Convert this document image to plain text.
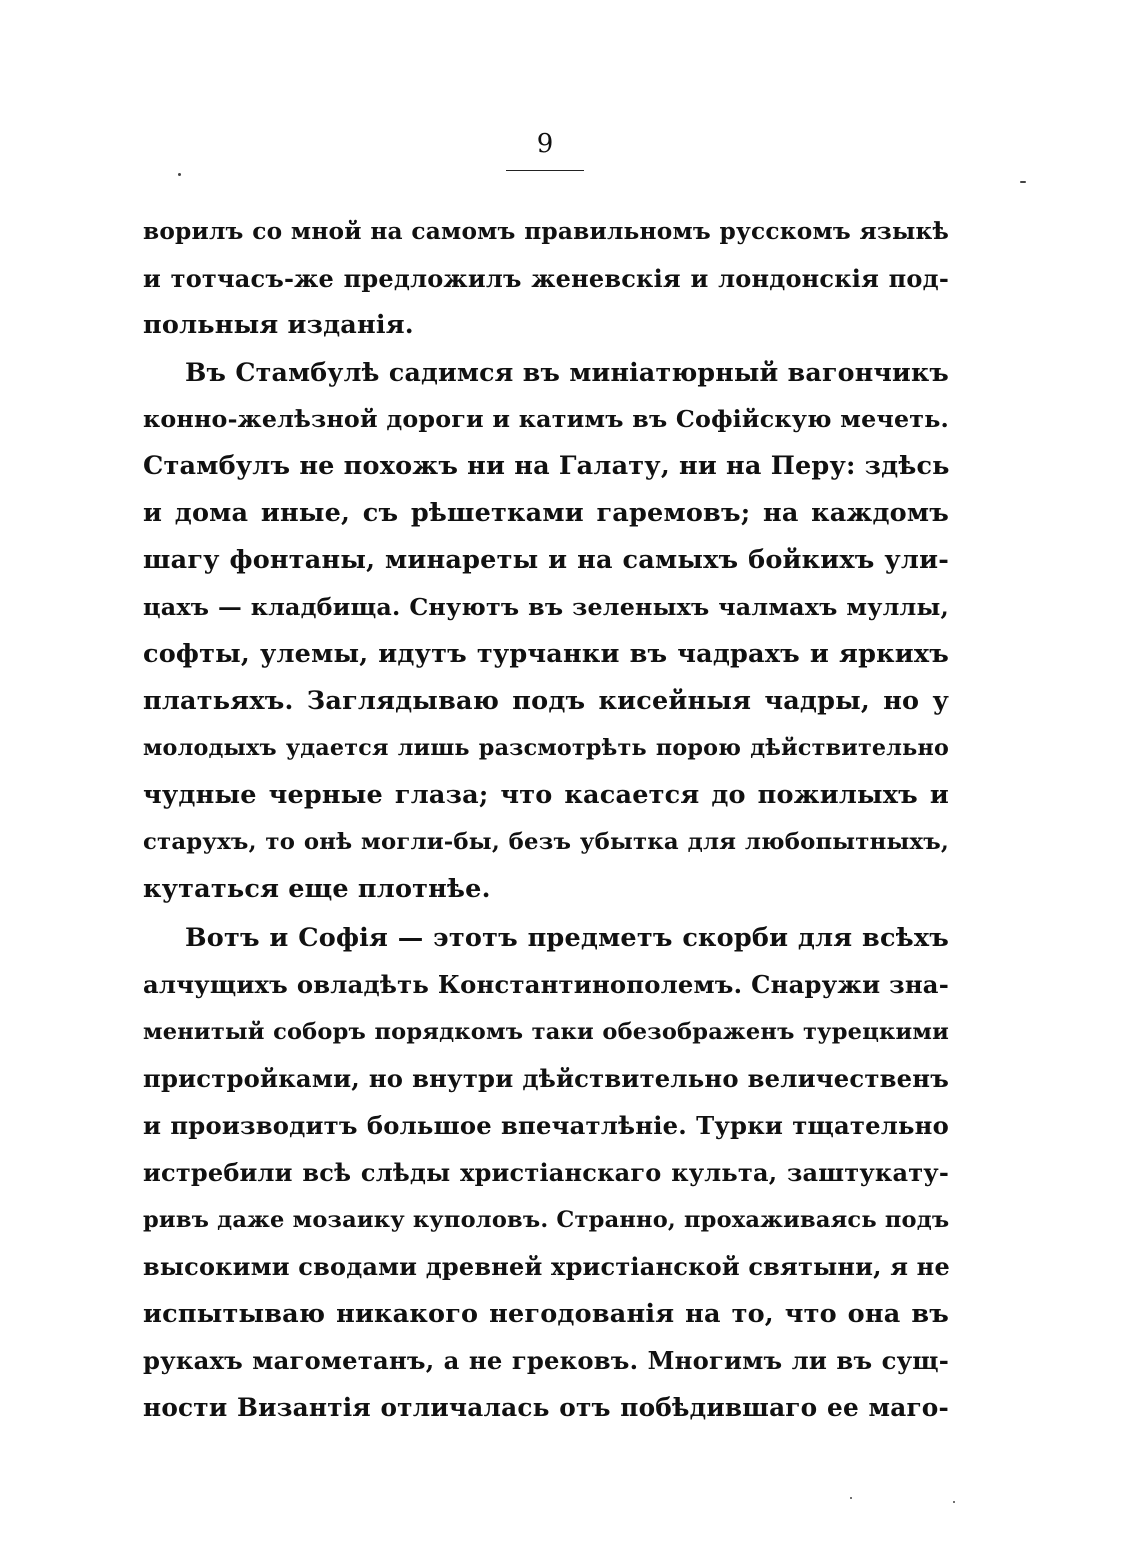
9
ворилъ со мной на самомъ правильномъ русскомъ языкѣ
и тотчасъ-же предложилъ женевскія и лондонскія под-
польныя изданія.
Въ Стамбулѣ садимся въ миніатюрный вагончикъ
конно-желѣзной дороги и катимъ въ Софійскую мечеть.
Стамбулъ не похожъ ни на Галату, ни на Перу: здѣсь
и дома иные, съ рѣшетками гаремовъ; на каждомъ
шагу фонтаны, минареты и на самыхъ бойкихъ ули-
цахъ — кладбища. Снуютъ въ зеленыхъ чалмахъ муллы,
софты, улемы, идутъ турчанки въ чадрахъ и яркихъ
платьяхъ. Заглядываю подъ кисейныя чадры, но у
молодыхъ удается лишь разсмотрѣть порою дѣйствительно
чудные черные глаза; что касается до пожилыхъ и
старухъ, то онѣ могли-бы, безъ убытка для любопытныхъ,
кутаться еще плотнѣе.
Вотъ и Софія — этотъ предметъ скорби для всѣхъ
алчущихъ овладѣть Константинополемъ. Снаружи зна-
менитый соборъ порядкомъ таки обезображенъ турецкими
пристройками, но внутри дѣйствительно величественъ
и производитъ большое впечатлѣніе. Турки тщательно
истребили всѣ слѣды христіанскаго культа, заштукату-
ривъ даже мозаику куполовъ. Странно, прохаживаясь подъ
высокими сводами древней христіанской святыни, я не
испытываю никакого негодованія на то, что она въ
рукахъ магометанъ, а не грековъ. Многимъ ли въ сущ-
ности Византія отличалась отъ побѣдившаго ее маго-
